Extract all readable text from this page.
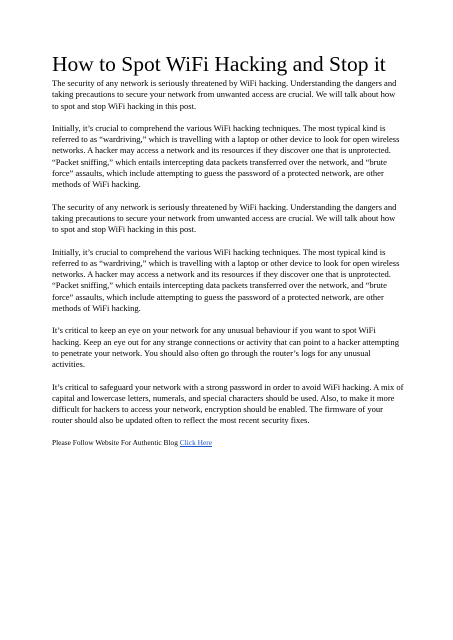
How to Spot WiFi Hacking and Stop it

The security of any network is seriously threatened by WiFi hacking. Understanding the dangers and taking precautions to secure your network from unwanted access are crucial. We will talk about how to spot and stop WiFi hacking in this post.

Initially, it’s crucial to comprehend the various WiFi hacking techniques. The most typical kind is referred to as “wardriving,” which is travelling with a laptop or other device to look for open wireless networks. A hacker may access a network and its resources if they discover one that is unprotected. “Packet sniffing,” which entails intercepting data packets transferred over the network, and “brute force” assaults, which include attempting to guess the password of a protected network, are other methods of WiFi hacking.

The security of any network is seriously threatened by WiFi hacking. Understanding the dangers and taking precautions to secure your network from unwanted access are crucial. We will talk about how to spot and stop WiFi hacking in this post.

Initially, it’s crucial to comprehend the various WiFi hacking techniques. The most typical kind is referred to as “wardriving,” which is travelling with a laptop or other device to look for open wireless networks. A hacker may access a network and its resources if they discover one that is unprotected. “Packet sniffing,” which entails intercepting data packets transferred over the network, and “brute force” assaults, which include attempting to guess the password of a protected network, are other methods of WiFi hacking.

It’s critical to keep an eye on your network for any unusual behaviour if you want to spot WiFi hacking. Keep an eye out for any strange connections or activity that can point to a hacker attempting to penetrate your network. You should also often go through the router’s logs for any unusual activities.

It’s critical to safeguard your network with a strong password in order to avoid WiFi hacking. A mix of capital and lowercase letters, numerals, and special characters should be used. Also, to make it more difficult for hackers to access your network, encryption should be enabled. The firmware of your router should also be updated often to reflect the most recent security fixes.

Please Follow Website For Authentic Blog Click Here
